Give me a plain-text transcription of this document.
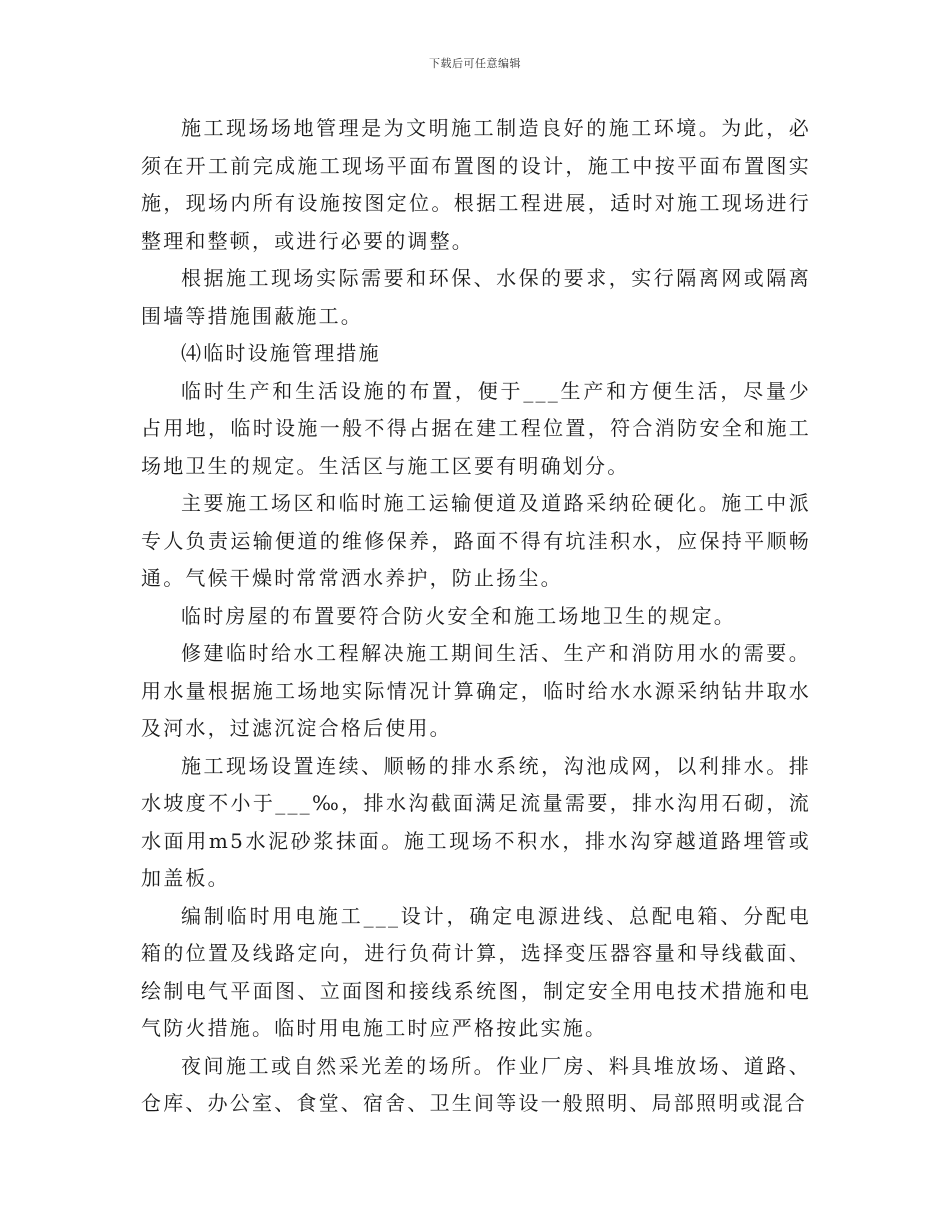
下载后可任意编辑

施工现场场地管理是为文明施工制造良好的施工环境。为此，必须在开工前完成施工现场平面布置图的设计，施工中按平面布置图实施，现场内所有设施按图定位。根据工程进展，适时对施工现场进行整理和整顿，或进行必要的调整。

根据施工现场实际需要和环保、水保的要求，实行隔离网或隔离围墙等措施围蔽施工。

⑷临时设施管理措施

临时生产和生活设施的布置，便于___生产和方便生活，尽量少占用地，临时设施一般不得占据在建工程位置，符合消防安全和施工场地卫生的规定。生活区与施工区要有明确划分。

主要施工场区和临时施工运输便道及道路采纳砼硬化。施工中派专人负责运输便道的维修保养，路面不得有坑洼积水，应保持平顺畅通。气候干燥时常常洒水养护，防止扬尘。

临时房屋的布置要符合防火安全和施工场地卫生的规定。

修建临时给水工程解决施工期间生活、生产和消防用水的需要。用水量根据施工场地实际情况计算确定，临时给水水源采纳钻井取水及河水，过滤沉淀合格后使用。

施工现场设置连续、顺畅的排水系统，沟池成网，以利排水。排水坡度不小于___‰，排水沟截面满足流量需要，排水沟用石砌，流水面用m5水泥砂浆抹面。施工现场不积水，排水沟穿越道路埋管或加盖板。

编制临时用电施工___设计，确定电源进线、总配电箱、分配电箱的位置及线路定向，进行负荷计算，选择变压器容量和导线截面、绘制电气平面图、立面图和接线系统图，制定安全用电技术措施和电气防火措施。临时用电施工时应严格按此实施。

夜间施工或自然采光差的场所。作业厂房、料具堆放场、道路、仓库、办公室、食堂、宿舍、卫生间等设一般照明、局部照明或混合
